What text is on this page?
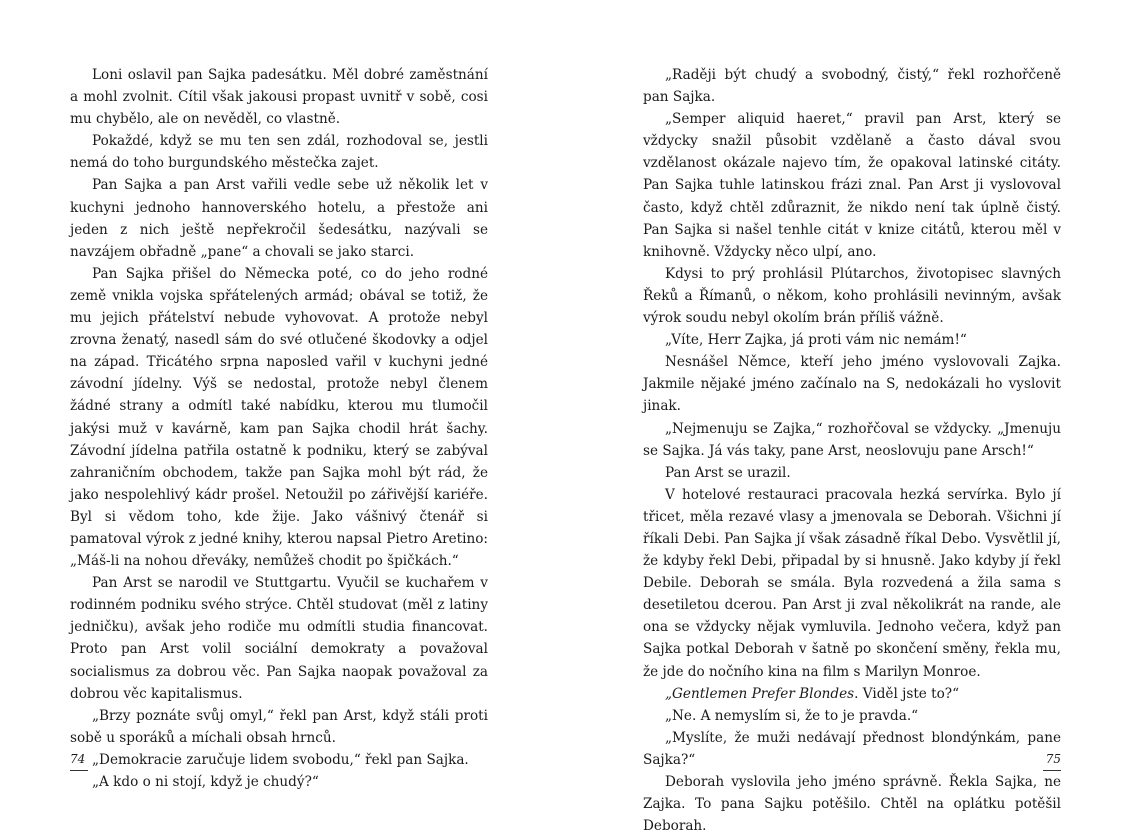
Loni oslavil pan Sajka padesátku. Měl dobré zaměstnání a mohl zvolnit. Cítil však jakousi propast uvnitř v sobě, cosi mu chybělo, ale on nevěděl, co vlastně.

Pokaždé, když se mu ten sen zdál, rozhodoval se, jestli nemá do toho burgundského městečka zajet.

Pan Sajka a pan Arst vařili vedle sebe už několik let v kuchyni jednoho hannoverského hotelu, a přestože ani jeden z nich ještě nepřekročil šedesátku, nazývali se navzájem obřadně „pane“ a chovali se jako starci.

Pan Sajka přišel do Německa poté, co do jeho rodné země vnikla vojska spřátelených armád; obával se totiž, že mu jejich přátelství nebude vyhovovat. A protože nebyl zrovna ženatý, nasedl sám do své otlučené škodovky a odjel na západ. Třicátého srpna naposled vařil v kuchyni jedné závodní jídelny. Výš se nedostal, protože nebyl členem žádné strany a odmítl také nabídku, kterou mu tlumočil jakýsi muž v kavárně, kam pan Sajka chodil hrát šachy. Závodní jídelna patřila ostatně k podniku, který se zabýval zahraničním obchodem, takže pan Sajka mohl být rád, že jako nespolehlivý kádr prošel. Netoužil po zářivější kariéře. Byl si vědom toho, kde žije. Jako vášnivý čtenář si pamatoval výrok z jedné knihy, kterou napsal Pietro Aretino: „Máš-li na nohou dřeváky, nemůžeš chodit po špičkách.“

Pan Arst se narodil ve Stuttgartu. Vyučil se kuchařem v rodinném podniku svého strýce. Chtěl studovat (měl z latiny jedničku), avšak jeho rodiče mu odmítli studia financovat. Proto pan Arst volil sociální demokraty a považoval socialismus za dobrou věc. Pan Sajka naopak považoval za dobrou věc kapitalismus.

„Brzy poznáte svůj omyl,“ řekl pan Arst, když stáli proti sobě u sporáků a míchali obsah hrnců.

„Demokracie zaručuje lidem svobodu,“ řekl pan Sajka.

„A kdo o ni stojí, když je chudý?“

74

„Raději být chudý a svobodný, čistý,“ řekl rozhořčeně pan Sajka.

„Semper aliquid haeret,“ pravil pan Arst, který se vždycky snažil působit vzdělaně a často dával svou vzdělanost okázale najevo tím, že opakoval latinské citáty. Pan Sajka tuhle latinskou frázi znal. Pan Arst ji vyslovoval často, když chtěl zdůraznit, že nikdo není tak úplně čistý. Pan Sajka si našel tenhle citát v knize citátů, kterou měl v knihovně. Vždycky něco ulpí, ano.

Kdysi to prý prohlásil Plútarchos, životopisec slavných Řeků a Římanů, o někom, koho prohlásili nevinným, avšak výrok soudu nebyl okolím brán příliš vážně.

„Víte, Herr Zajka, já proti vám nic nemám!“

Nesnášel Němce, kteří jeho jméno vyslovovali Zajka. Jakmile nějaké jméno začínalo na S, nedokázali ho vyslovit jinak.

„Nejmenuju se Zajka,“ rozhořčoval se vždycky. „Jmenuju se Sajka. Já vás taky, pane Arst, neoslovuju pane Arsch!“

Pan Arst se urazil.

V hotelové restauraci pracovala hezká servírka. Bylo jí třicet, měla rezavé vlasy a jmenovala se Deborah. Všichni jí říkali Debi. Pan Sajka jí však zásadně říkal Debo. Vysvětlil jí, že kdyby řekl Debi, připadal by si hnusně. Jako kdyby jí řekl Debile. Deborah se smála. Byla rozvedená a žila sama s desetiletou dcerou. Pan Arst ji zval několikrát na rande, ale ona se vždycky nějak vymluvila. Jednoho večera, když pan Sajka potkal Deborah v šatně po skončení směny, řekla mu, že jde do nočního kina na film s Marilyn Monroe.

„Gentlemen Prefer Blondes. Viděl jste to?“

„Ne. A nemyslím si, že to je pravda.“

„Myslíte, že muži nedávají přednost blondýnkám, pane Sajka?“

Deborah vyslovila jeho jméno správně. Řekla Sajka, ne Zajka. To pana Sajku potěšilo. Chtěl na oplátku potěšil Deborah.

75
